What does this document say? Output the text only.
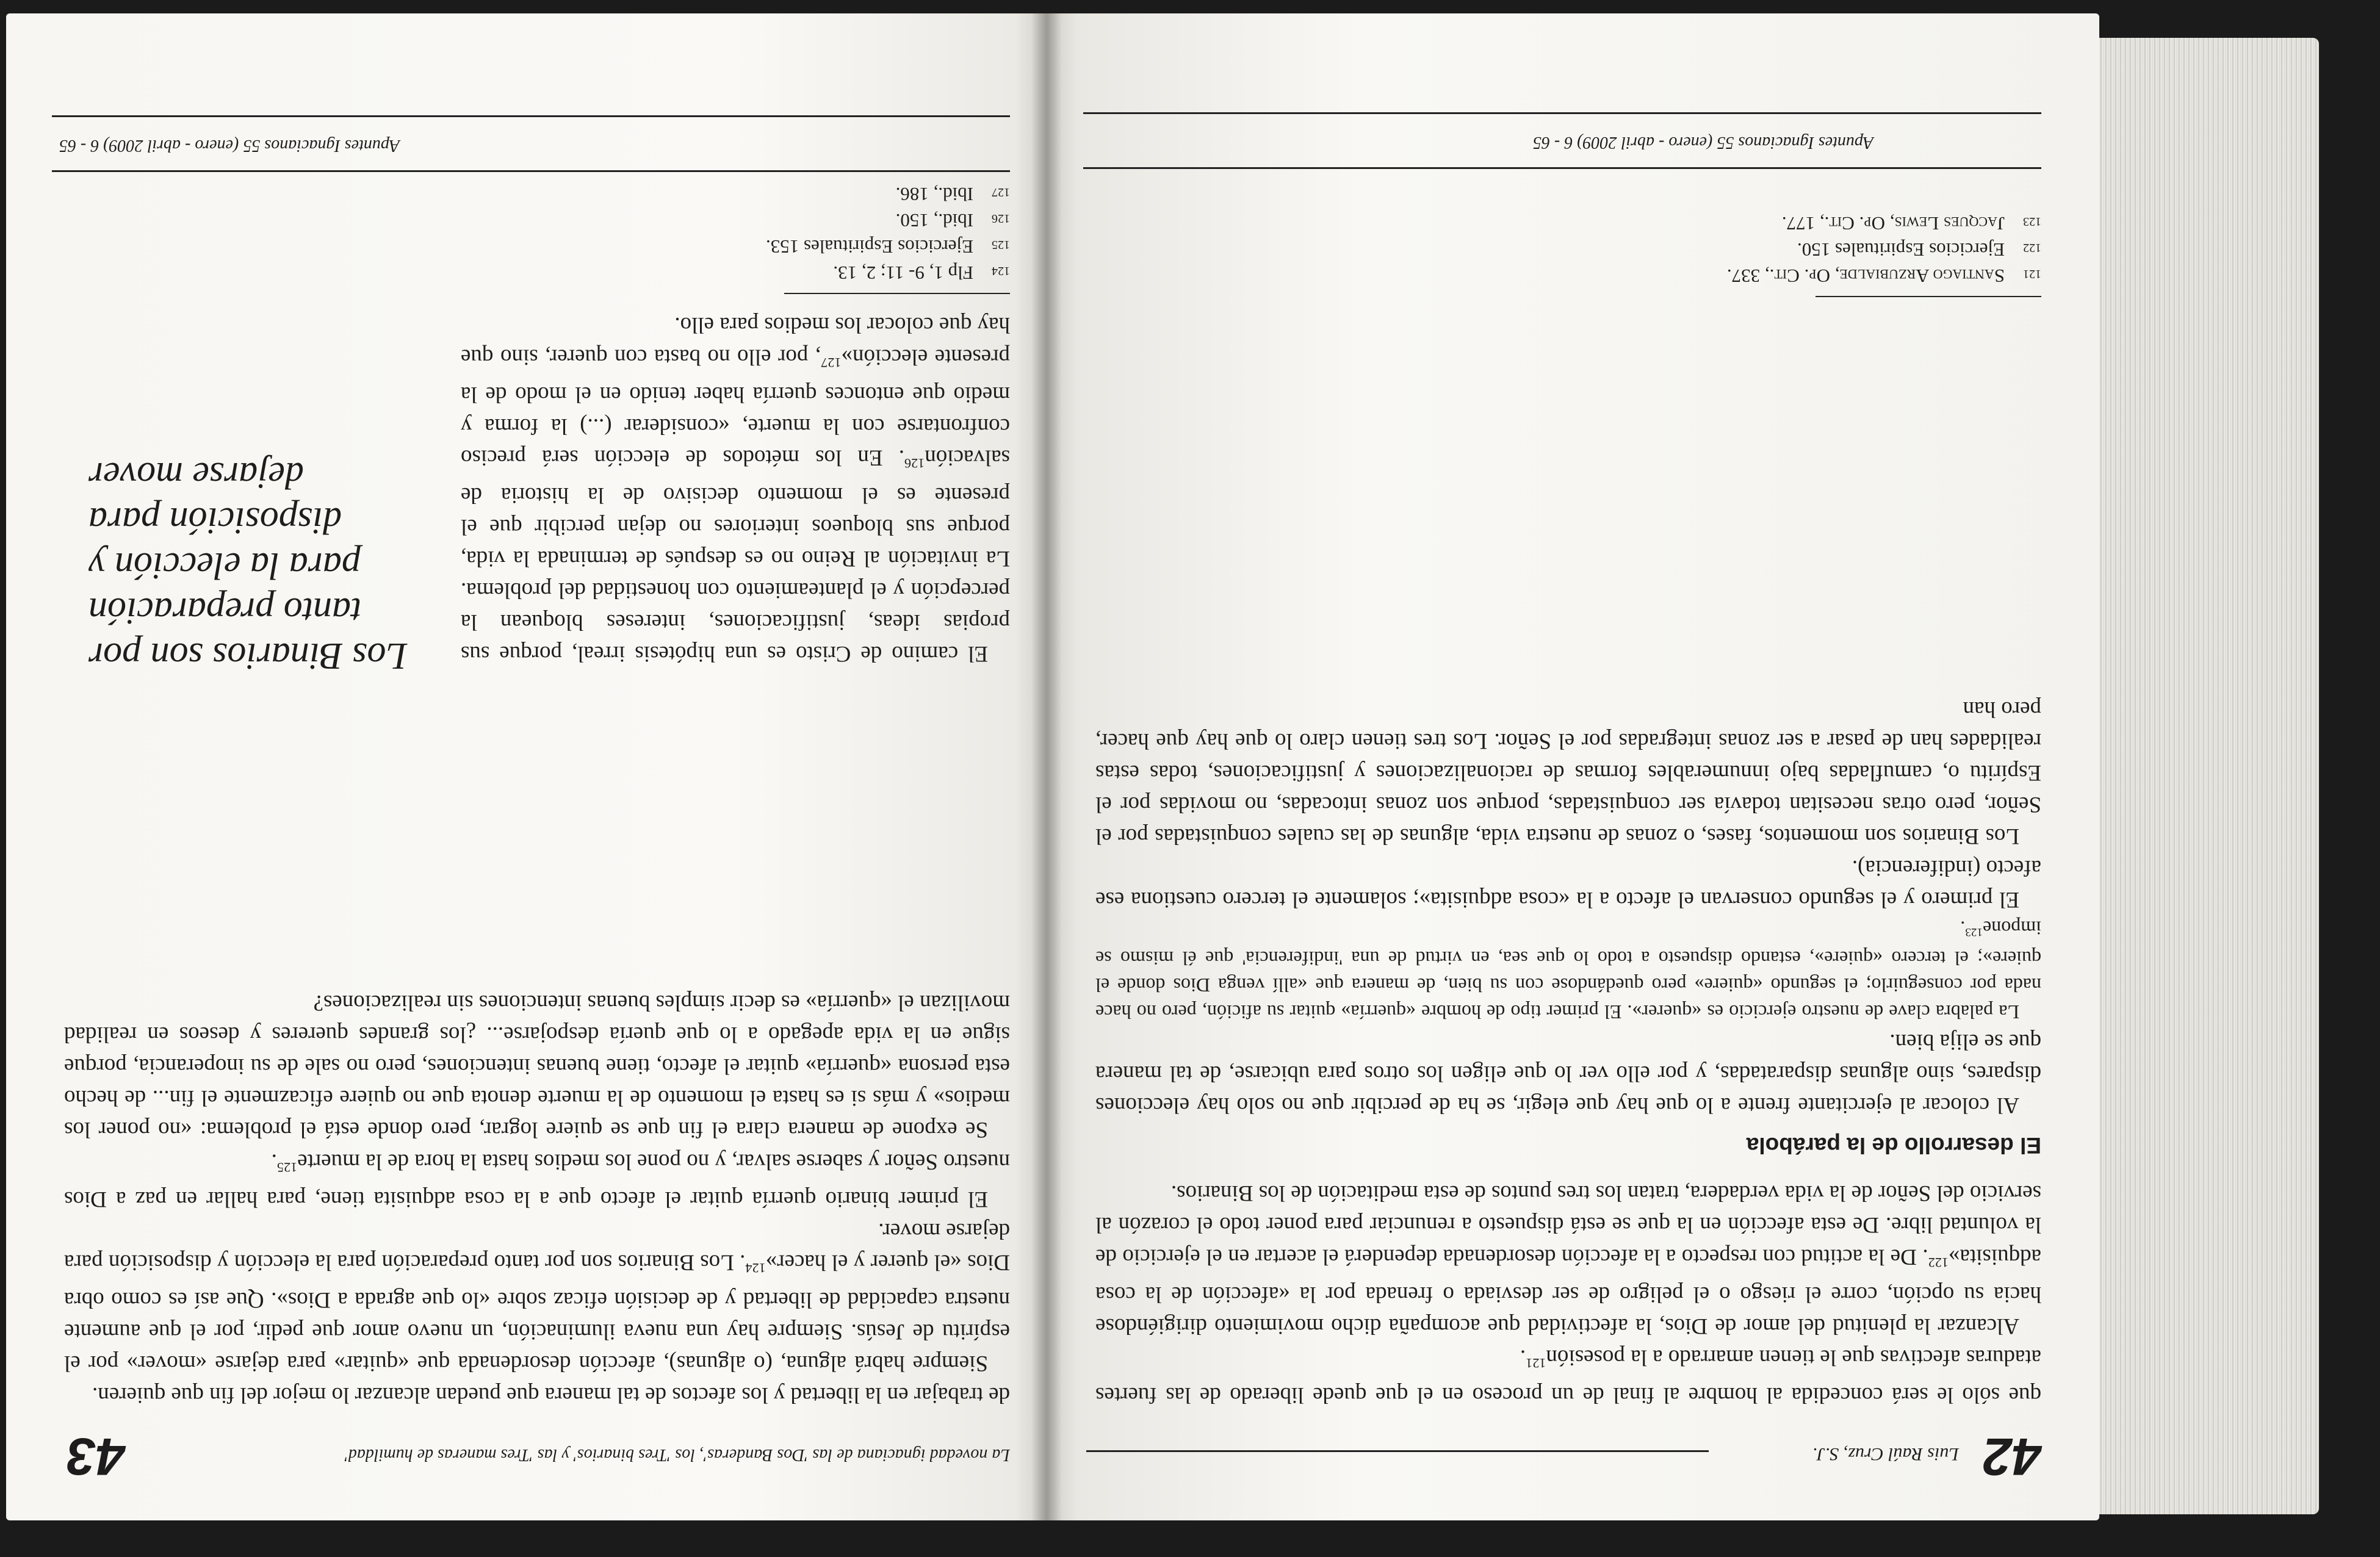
42
Luis Raúl Cruz, S.J.

que sólo le será concedida al hombre al final de un proceso en el que quede liberado de las fuertes ataduras afectivas que le tienen amarrado a la posesión$^{121}$.

Alcanzar la plenitud del amor de Dios, la afectividad que acompaña dicho movimiento dirigiéndose hacia su opción, corre el riesgo o el peligro de ser desviada o frenada por la «afección de la cosa adquisita»$^{122}$. De la actitud con respecto a la afección desordenada dependerá el acertar en el ejercicio de la voluntad libre. De esta afección en la que se está dispuesto a renunciar para poner todo el corazón al servicio del Señor de la vida verdadera, tratan los tres puntos de esta meditación de los Binarios.

El desarrollo de la parábola

Al colocar al ejercitante frente a lo que hay que elegir, se ha de percibir que no solo hay elecciones dispares, sino algunas disparatadas, y por ello ver lo que eligen los otros para ubicarse, de tal manera que se elija bien.

La palabra clave de nuestro ejercicio es «querer». El primer tipo de hombre «querría» quitar su afición, pero no hace nada por conseguirlo; el segundo «quiere» pero quedándose con su bien, de manera que «allí venga Dios donde el quiere»; el tercero «quiere», estando dispuesto a todo lo que sea, en virtud de una 'indiferencia' que él mismo se impone$^{123}$.

El primero y el segundo conservan el afecto a la «cosa adquisita»; solamente el tercero cuestiona ese afecto (indiferencia).

Los Binarios son momentos, fases, o zonas de nuestra vida, algunas de las cuales conquistadas por el Señor, pero otras necesitan todavía ser conquistadas, porque son zonas intocadas, no movidas por el Espíritu o, camufladas bajo innumerables formas de racionalizaciones y justificaciones, todas estas realidades han de pasar a ser zonas integradas por el Señor. Los tres tienen claro lo que hay que hacer, pero han

121Santiago Arzubialde, Op. Cit., 337.
122Ejercicios Espirituales 150.
123Jacques Lewis, Op. Cit., 177.
Apuntes Ignacianos 55 (enero - abril 2009) 6 - 65
La novedad ignaciana de las 'Dos Banderas', los 'Tres binarios' y las 'Tres maneras de humildad'
43

de trabajar en la libertad y los afectos de tal manera que puedan alcanzar lo mejor del fin que quieren.

Siempre habrá alguna, (o algunas), afección desordenada que «quitar» para dejarse «mover» por el espíritu de Jesús. Siempre hay una nueva iluminación, un nuevo amor que pedir, por el que aumente nuestra capacidad de libertad y de decisión eficaz sobre «lo que agrada a Dios». Que así es como obra Dios «el querer y el hacer»$^{124}$. Los Binarios son por tanto preparación para la elección y disposición para dejarse mover.

El primer binario querría quitar el afecto que a la cosa adquisita tiene, para hallar en paz a Dios nuestro Señor y saberse salvar, y no pone los medios hasta la hora de la muerte$^{125}$.

Se expone de manera clara el fin que se quiere lograr, pero donde está el problema: «no poner los medios» y más si es hasta el momento de la muerte denota que no quiere eficazmente el fin... de hecho esta persona «querría» quitar el afecto, tiene buenas intenciones, pero no sale de su inoperancia, porque sigue en la vida apegado a lo que quería despojarse... ¿los grandes quereres y deseos en realidad movilizan el «querría» es decir simples buenas intenciones sin realizaciones?

El camino de Cristo es una hipótesis irreal, porque sus propias ideas, justificaciones, intereses bloquean la percepción y el planteamiento con honestidad del problema. La invitación al Reino no es después de terminada la vida, porque sus bloqueos interiores no dejan percibir que el presente es el momento decisivo de la historia de salvación$^{126}$. En los métodos de elección será preciso confrontarse con la muerte, «considerar (...) la forma y medio que entonces querría haber tenido en el modo de la presente elección»$^{127}$, por ello no basta con querer, sino que hay que colocar los medios para ello.

Los Binarios son por tanto preparación para la elección y disposición para dejarse mover
124Flp 1, 9- 11; 2, 13.
125Ejercicios Espirituales 153.
126Ibid., 150.
127Ibid., 186.
Apuntes Ignacianos 55 (enero - abril 2009) 6 - 65
